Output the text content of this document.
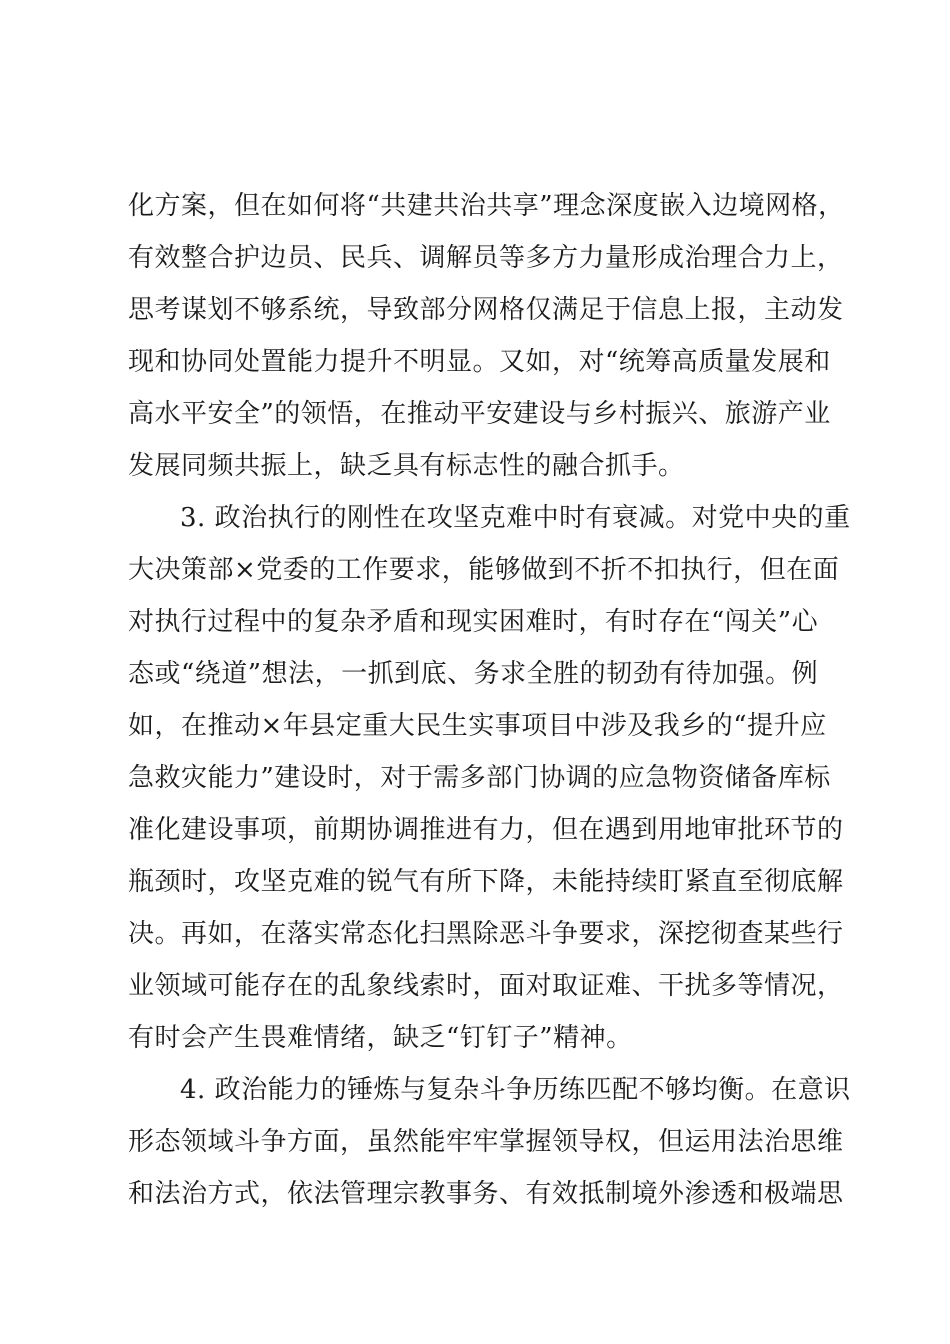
化方案，但在如何将“共建共治共享”理念深度嵌入边境网格，
有效整合护边员、民兵、调解员等多方力量形成治理合力上，
思考谋划不够系统，导致部分网格仅满足于信息上报，主动发
现和协同处置能力提升不明显。又如，对“统筹高质量发展和
高水平安全”的领悟，在推动平安建设与乡村振兴、旅游产业
发展同频共振上，缺乏具有标志性的融合抓手。
3. 政治执行的刚性在攻坚克难中时有衰减。对党中央的重
大决策部×党委的工作要求，能够做到不折不扣执行，但在面
对执行过程中的复杂矛盾和现实困难时，有时存在“闯关”心
态或“绕道”想法，一抓到底、务求全胜的韧劲有待加强。例
如，在推动×年县定重大民生实事项目中涉及我乡的“提升应
急救灾能力”建设时，对于需多部门协调的应急物资储备库标
准化建设事项，前期协调推进有力，但在遇到用地审批环节的
瓶颈时，攻坚克难的锐气有所下降，未能持续盯紧直至彻底解
决。再如，在落实常态化扫黑除恶斗争要求，深挖彻查某些行
业领域可能存在的乱象线索时，面对取证难、干扰多等情况，
有时会产生畏难情绪，缺乏“钉钉子”精神。
4. 政治能力的锤炼与复杂斗争历练匹配不够均衡。在意识
形态领域斗争方面，虽然能牢牢掌握领导权，但运用法治思维
和法治方式，依法管理宗教事务、有效抵制境外渗透和极端思
